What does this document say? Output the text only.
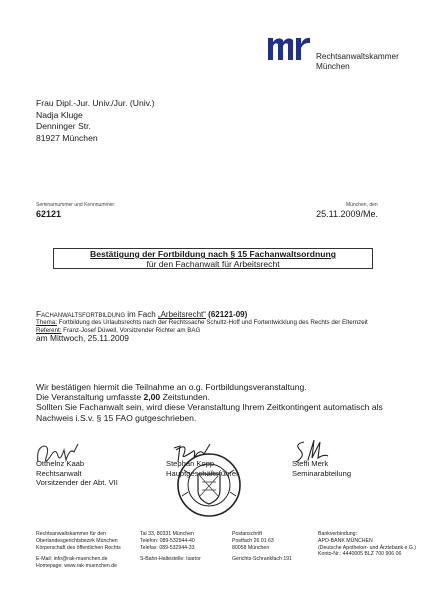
Rechtsanwaltskammer
München
Frau Dipl.-Jur. Univ./Jur. (Univ.)
Nadja Kluge
Denninger Str.
81927 München
Seminarnummer und Kennnummer:
62121
München, den
25.11.2009/Me.
Bestätigung der Fortbildung nach § 15 Fachanwaltsordnung
für den Fachanwalt für Arbeitsrecht
Fachanwaltsfortbildung im Fach „Arbeitsrecht“ (62121-09)
Thema: Fortbildung des Urlaubsrechts nach der Rechtssache Schultz-Hoff und Fortentwicklung des Rechts der Elternzeit
Referent: Franz-Josef Düwell, Vorsitzender Richter am BAG
am Mittwoch, 25.11.2009
Wir bestätigen hiermit die Teilnahme an o.g. Fortbildungsveranstaltung.
Die Veranstaltung umfasste 2,00 Zeitstunden.
Sollten Sie Fachanwalt sein, wird diese Veranstaltung Ihrem Zeitkontingent automatisch als Nachweis i.S.v. § 15 FAO gutgeschrieben.
Otthelnz Kaab
Rechtsanwalt
Vorsitzender der Abt. VII
Stephan Kopp
Hauptgeschäftsführer
Steffi Merk
Seminarabteilung
Rechtsanwaltskammer für den
Oberlandesgerichtsbezirk München
Körperschaft des öffentlichen Rechts
E-Mail: info@rak-muenchen.de
Homepage: www.rak-muenchen.de
Tal 33, 80331 München
Telefon: 089-532944-40
Telefax: 089-532944-33
S-Bahn-Haltestelle: Isartor
Postanschrift
Postfach 26 01 63
80058 München
Gerichts-Schrankfach 191
Bankverbindung:
APO-BANK MÜNCHEN
(Deutsche Apotheker- und Ärztebank e.G.)
Konto-Nr.: 4440005 BLZ 700 906 06
